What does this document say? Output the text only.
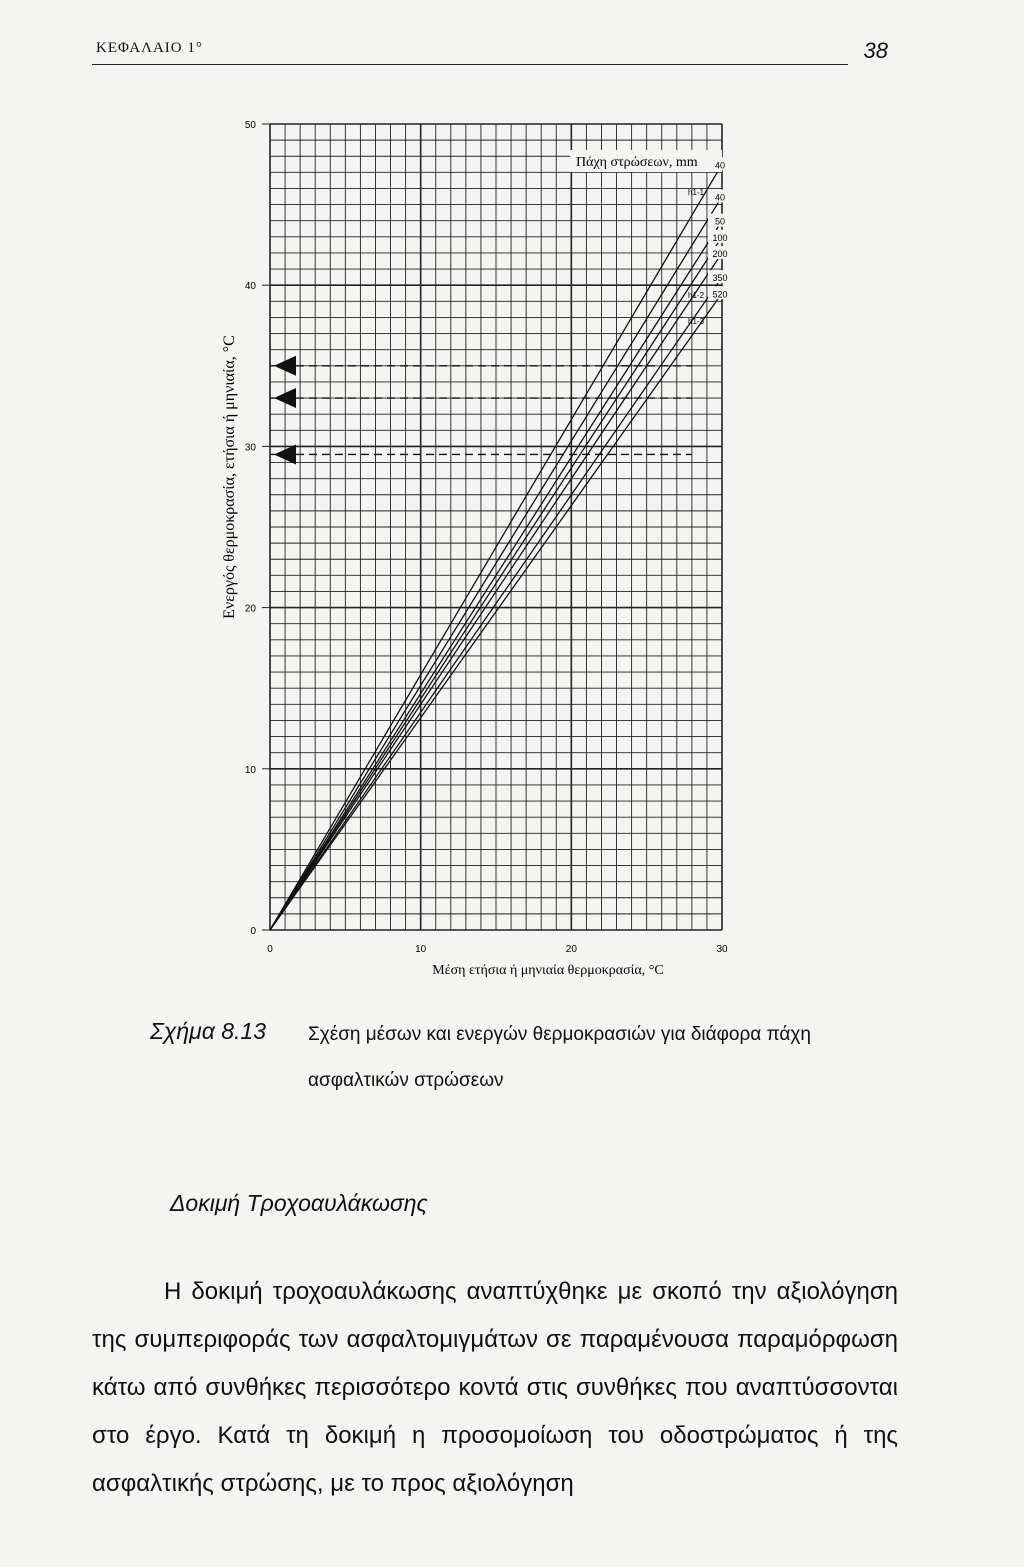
ΚΕΦΑΛΑΙΟ 1°	38
0
10
20
30
40
50
0	10	20	30
Μέση ετήσια ή μηνιαία θερμοκρασία, °C
Ενεργός θερμοκρασία, ετήσια ή μηνιαία, °C
Πάχη στρώσεων, mm 40
40
50
100
200
350
520
h1-1
h1-2
h1-3
Σχήμα 8.13 Σχέση μέσων και ενεργών θερμοκρασιών για διάφορα πάχη ασφαλτικών στρώσεων
Δοκιμή Τροχοαυλάκωσης

Η δοκιμή τροχοαυλάκωσης αναπτύχθηκε με σκοπό την αξιολόγηση της συμπεριφοράς των ασφαλτομιγμάτων σε παραμένουσα παραμόρφωση κάτω από συνθήκες περισσότερο κοντά στις συνθήκες που αναπτύσσονται στο έργο. Κατά τη δοκιμή η προσομοίωση του οδοστρώματος ή της ασφαλτικής στρώσης, με το προς αξιολόγηση
